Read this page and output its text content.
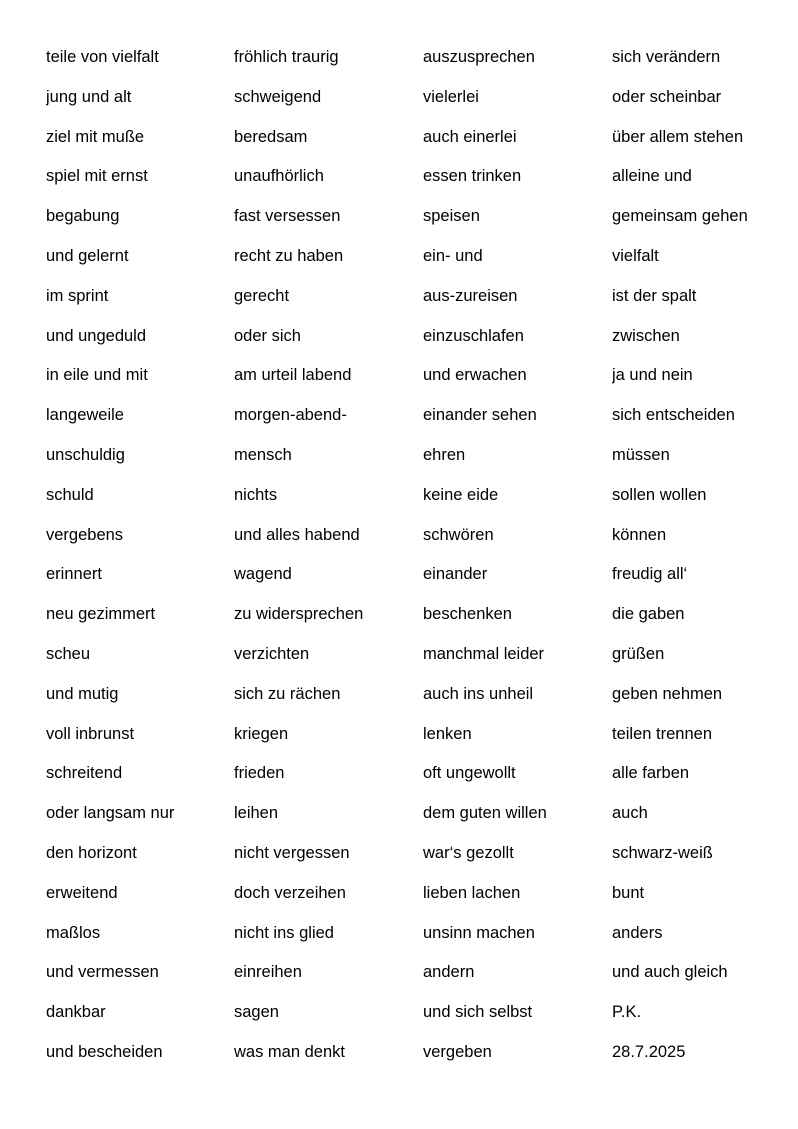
teile von vielfalt	fröhlich traurig	auszusprechen	sich verändern
jung und alt	schweigend	vielerlei	oder scheinbar
ziel mit muße	beredsam	auch einerlei	über allem stehen
spiel mit ernst	unaufhörlich	essen trinken	alleine und
begabung	fast versessen	speisen	gemeinsam gehen
und gelernt	recht zu haben	ein- und	vielfalt
im sprint	gerecht	aus-zureisen	ist der spalt
und ungeduld	oder sich	einzuschlafen	zwischen
in eile und mit	am urteil labend	und erwachen	ja und nein
langeweile	morgen-abend-	einander sehen	sich entscheiden
unschuldig	mensch	ehren	müssen
schuld	nichts	keine eide	sollen wollen
vergebens	und alles habend	schwören	können
erinnert	wagend	einander	freudig all‘
neu gezimmert	zu widersprechen	beschenken	die gaben
scheu	verzichten	manchmal leider	grüßen
und mutig	sich zu rächen	auch ins unheil	geben nehmen
voll inbrunst	kriegen	lenken	teilen trennen
schreitend	frieden	oft ungewollt	alle farben
oder langsam nur	leihen	dem guten willen	auch
den horizont	nicht vergessen	war‘s gezollt	schwarz-weiß
erweitend	doch verzeihen	lieben lachen	bunt
maßlos	nicht ins glied	unsinn machen	anders
und vermessen	einreihen	andern	und auch gleich
dankbar	sagen	und sich selbst	P.K.
und bescheiden	was man denkt	vergeben	28.7.2025
